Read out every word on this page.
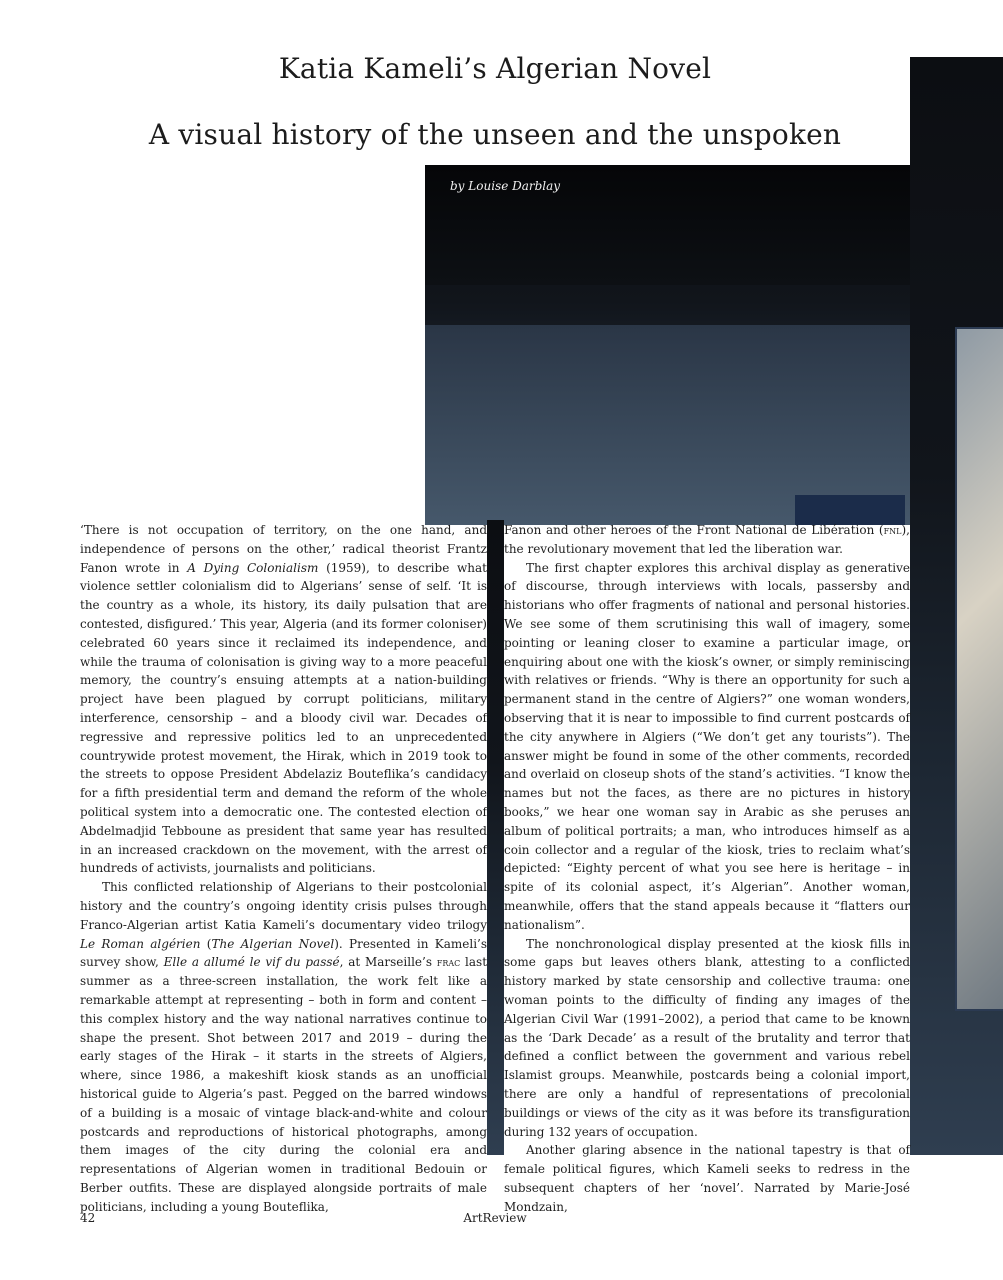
Katia Kameli’s Algerian Novel
A visual history of the unseen and the unspoken
by Louise Darblay

‘There is not occupation of territory, on the one hand, and independence of persons on the other,’ radical theorist Frantz Fanon wrote in A Dying Colonialism (1959), to describe what violence settler colonialism did to Algerians’ sense of self. ‘It is the country as a whole, its history, its daily pulsation that are contested, disfigured.’ This year, Algeria (and its former coloniser) celebrated 60 years since it reclaimed its independence, and while the trauma of colonisation is giving way to a more peaceful memory, the country’s ensuing attempts at a nation-building project have been plagued by corrupt politicians, military interference, censorship – and a bloody civil war. Decades of regressive and repressive politics led to an unprecedented countrywide protest movement, the Hirak, which in 2019 took to the streets to oppose President Abdelaziz Bouteflika’s candidacy for a fifth presidential term and demand the reform of the whole political system into a democratic one. The contested election of Abdelmadjid Tebboune as president that same year has resulted in an increased crackdown on the movement, with the arrest of hundreds of activists, journalists and politicians.

This conflicted relationship of Algerians to their postcolonial history and the country’s ongoing identity crisis pulses through Franco-Algerian artist Katia Kameli’s documentary video trilogy Le Roman algérien (The Algerian Novel). Presented in Kameli’s survey show, Elle a allumé le vif du passé, at Marseille’s frac last summer as a three-screen installation, the work felt like a remarkable attempt at representing – both in form and content – this complex history and the way national narratives continue to shape the present. Shot between 2017 and 2019 – during the early stages of the Hirak – it starts in the streets of Algiers, where, since 1986, a makeshift kiosk stands as an unofficial historical guide to Algeria’s past. Pegged on the barred windows of a building is a mosaic of vintage black-and-white and colour postcards and reproductions of historical photographs, among them images of the city during the colonial era and representations of Algerian women in traditional Bedouin or Berber outfits. These are displayed alongside portraits of male politicians, including a young Bouteflika,

Fanon and other heroes of the Front National de Libération (fnl), the revolutionary movement that led the liberation war.

The first chapter explores this archival display as generative of discourse, through interviews with locals, passersby and historians who offer fragments of national and personal histories. We see some of them scrutinising this wall of imagery, some pointing or leaning closer to examine a particular image, or enquiring about one with the kiosk’s owner, or simply reminiscing with relatives or friends. “Why is there an opportunity for such a permanent stand in the centre of Algiers?” one woman wonders, observing that it is near to impossible to find current postcards of the city anywhere in Algiers (“We don’t get any tourists”). The answer might be found in some of the other comments, recorded and overlaid on closeup shots of the stand’s activities. “I know the names but not the faces, as there are no pictures in history books,” we hear one woman say in Arabic as she peruses an album of political portraits; a man, who introduces himself as a coin collector and a regular of the kiosk, tries to reclaim what’s depicted: “Eighty percent of what you see here is heritage – in spite of its colonial aspect, it’s Algerian”. Another woman, meanwhile, offers that the stand appeals because it “flatters our nationalism”.

The nonchronological display presented at the kiosk fills in some gaps but leaves others blank, attesting to a conflicted history marked by state censorship and collective trauma: one woman points to the difficulty of finding any images of the Algerian Civil War (1991–2002), a period that came to be known as the ‘Dark Decade’ as a result of the brutality and terror that defined a conflict between the government and various rebel Islamist groups. Meanwhile, postcards being a colonial import, there are only a handful of representations of precolonial buildings or views of the city as it was before its transfiguration during 132 years of occupation.

Another glaring absence in the national tapestry is that of female political figures, which Kameli seeks to redress in the subsequent chapters of her ‘novel’. Narrated by Marie-José Mondzain,

42	ArtReview
